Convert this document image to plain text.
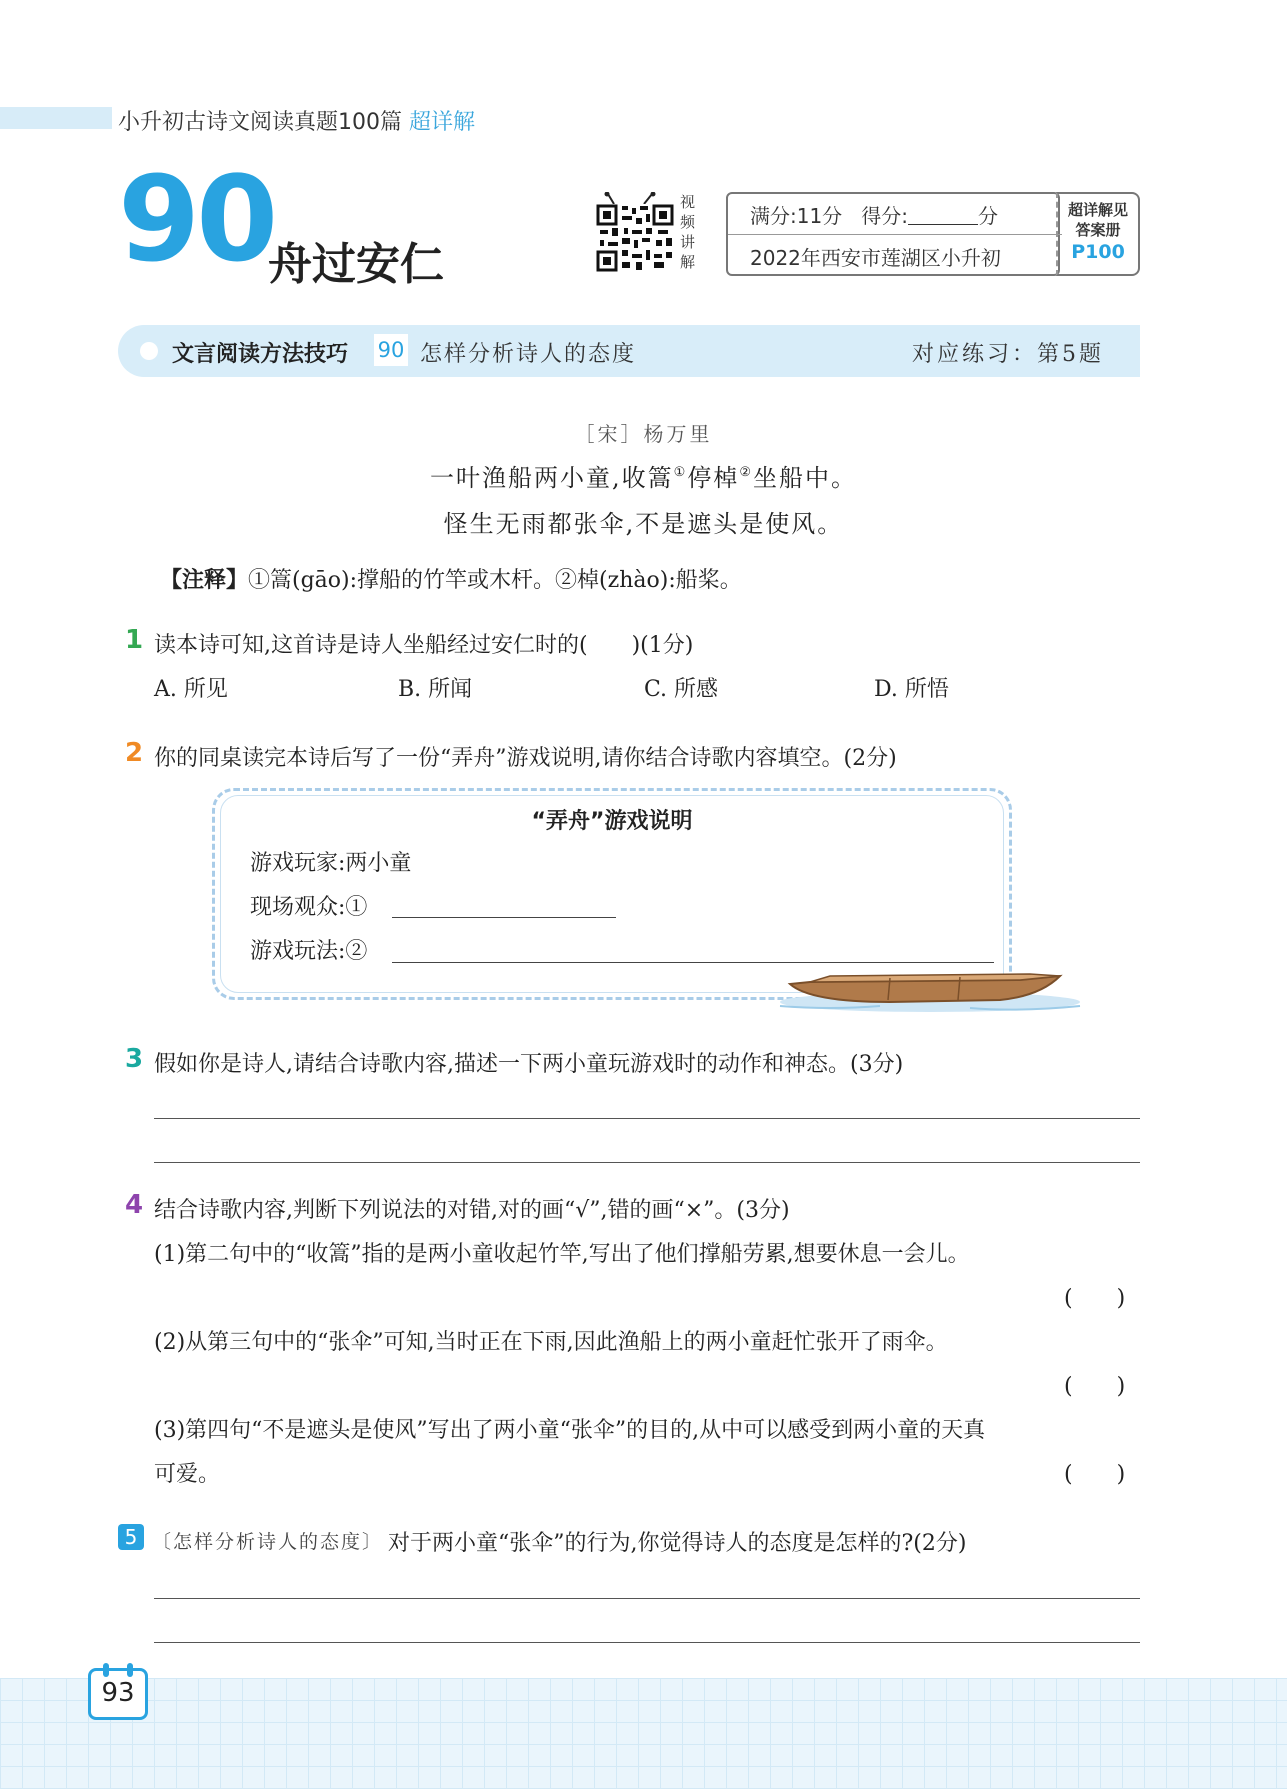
小升初古诗文阅读真题100篇 超详解
90
舟过安仁
视
频
讲
解
满分:11分 得分:	分
2022年西安市莲湖区小升初
超详解见
答案册
P100
文言阅读方法技巧 90 怎样分析诗人的态度	对应练习：第5题
［宋］杨万里
一叶渔船两小童,收篙①停棹②坐船中。
怪生无雨都张伞,不是遮头是使风。
【注释】①篙(gāo):撑船的竹竿或木杆。②棹(zhào):船桨。
1 读本诗可知,这首诗是诗人坐船经过安仁时的(　　)(1分)
A. 所见	B. 所闻	C. 所感	D. 所悟
2 你的同桌读完本诗后写了一份“弄舟”游戏说明,请你结合诗歌内容填空。(2分)
“弄舟”游戏说明
游戏玩家:两小童
现场观众:①
游戏玩法:②
3 假如你是诗人,请结合诗歌内容,描述一下两小童玩游戏时的动作和神态。(3分)
4 结合诗歌内容,判断下列说法的对错,对的画“√”,错的画“×”。(3分)
(1)第二句中的“收篙”指的是两小童收起竹竿,写出了他们撑船劳累,想要休息一会儿。
(　　)
(2)从第三句中的“张伞”可知,当时正在下雨,因此渔船上的两小童赶忙张开了雨伞。
(　　)
(3)第四句“不是遮头是使风”写出了两小童“张伞”的目的,从中可以感受到两小童的天真
可爱。	(　　)
5 〔怎样分析诗人的态度〕 对于两小童“张伞”的行为,你觉得诗人的态度是怎样的?(2分)
93
